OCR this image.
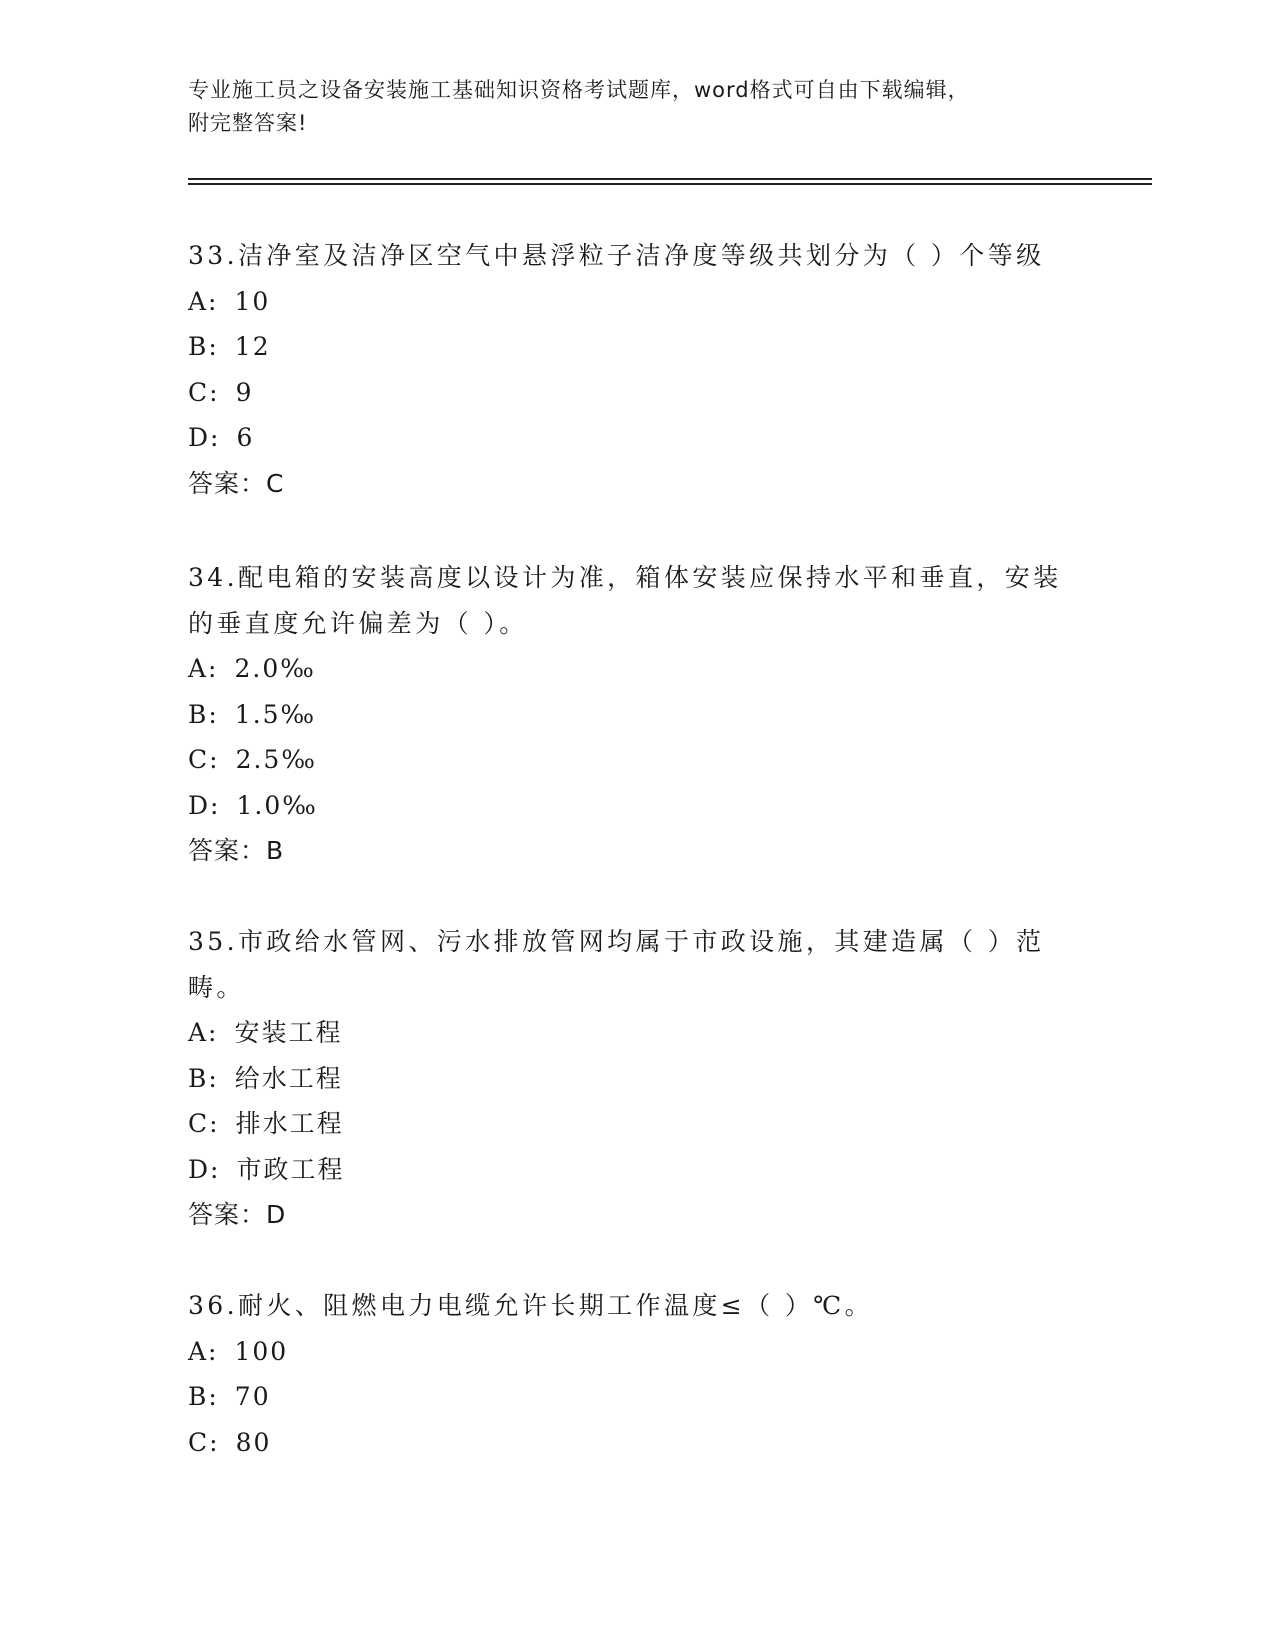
专业施工员之设备安装施工基础知识资格考试题库，word格式可自由下载编辑，
附完整答案!
33.洁净室及洁净区空气中悬浮粒子洁净度等级共划分为（ ）个等级
A: 10
B: 12
C: 9
D: 6
答案：C
34.配电箱的安装高度以设计为准，箱体安装应保持水平和垂直，安装的垂直度允许偏差为（ ）。
A: 2.0‰
B: 1.5‰
C: 2.5‰
D: 1.0‰
答案：B
35.市政给水管网、污水排放管网均属于市政设施，其建造属（ ）范畴。
A: 安装工程
B: 给水工程
C: 排水工程
D: 市政工程
答案：D
36.耐火、阻燃电力电缆允许长期工作温度≤（ ）℃。
A: 100
B: 70
C: 80
